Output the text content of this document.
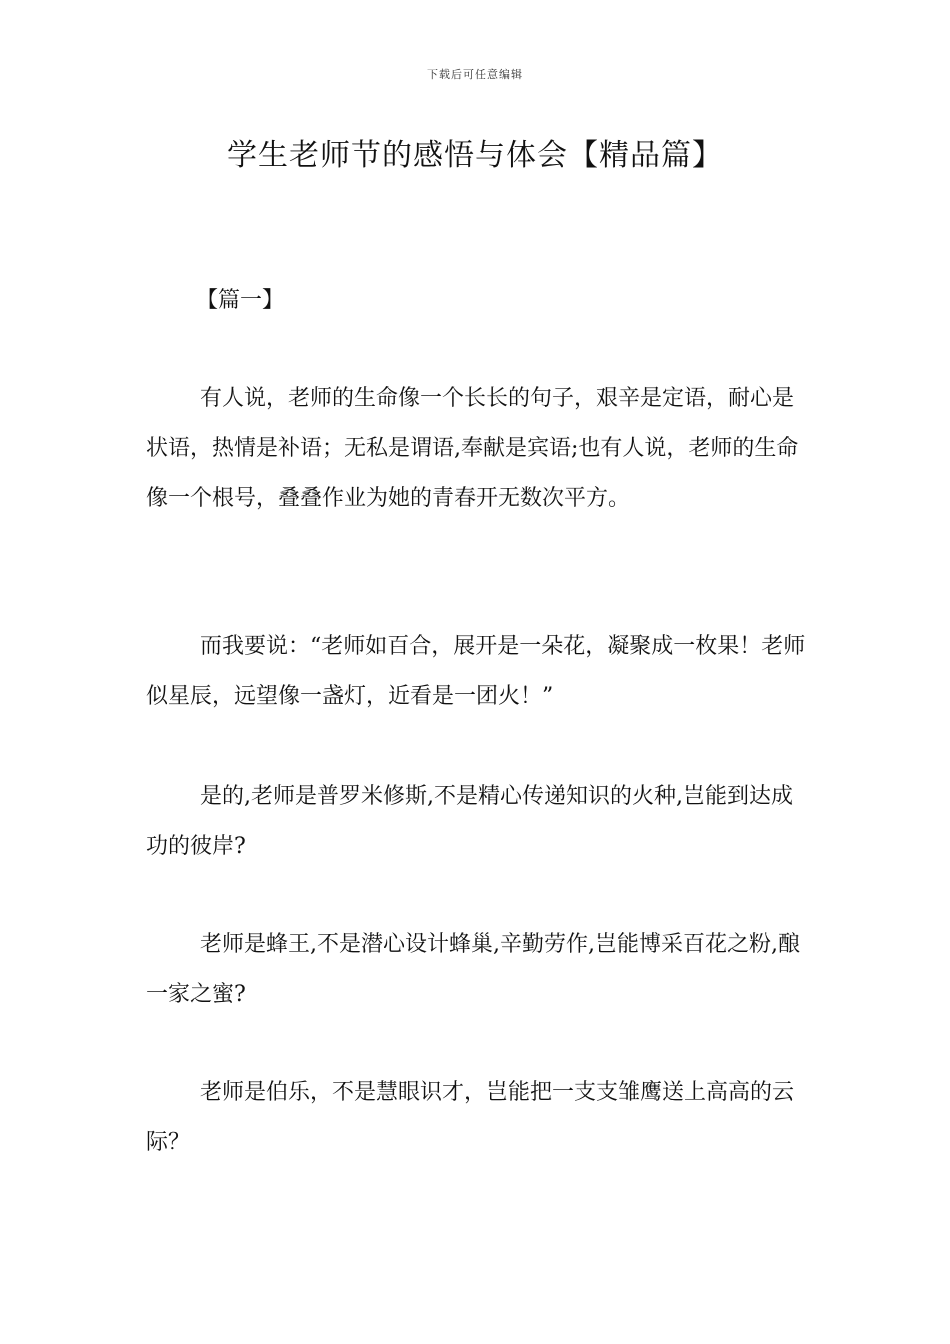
下载后可任意编辑
学生老师节的感悟与体会【精品篇】

【篇一】

有人说，老师的生命像一个长长的句子，艰辛是定语，耐心是状语，热情是补语；无私是谓语,奉献是宾语;也有人说，老师的生命像一个根号，叠叠作业为她的青春开无数次平方。

而我要说：“老师如百合，展开是一朵花，凝聚成一枚果！老师似星辰，远望像一盏灯，近看是一团火！”

是的,老师是普罗米修斯,不是精心传递知识的火种,岂能到达成功的彼岸?

老师是蜂王,不是潜心设计蜂巢,辛勤劳作,岂能博采百花之粉,酿一家之蜜?

老师是伯乐，不是慧眼识才，岂能把一支支雏鹰送上高高的云际？
